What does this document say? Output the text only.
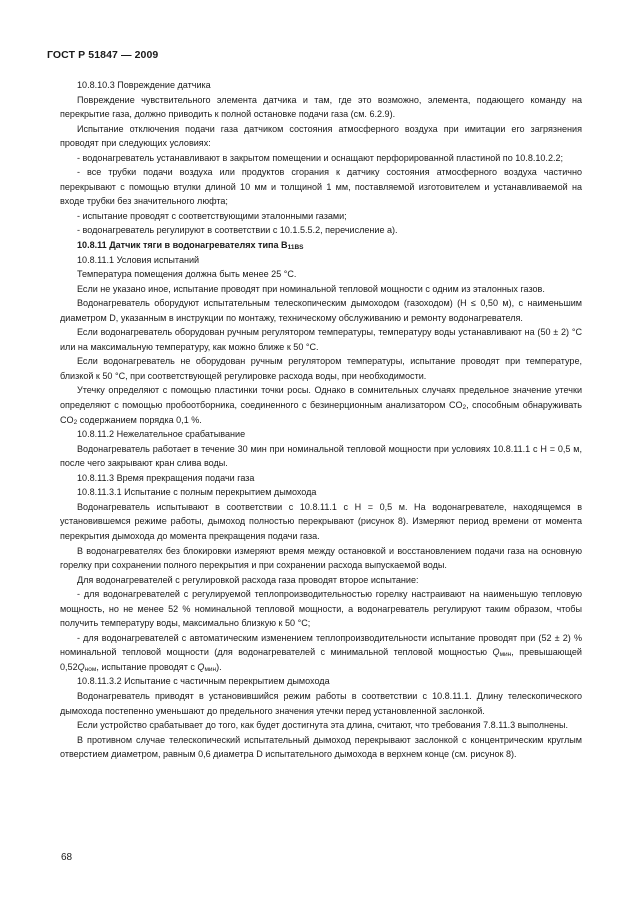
ГОСТ Р 51847 — 2009

10.8.10.3 Повреждение датчика

Повреждение чувствительного элемента датчика и там, где это возможно, элемента, подающего команду на перекрытие газа, должно приводить к полной остановке подачи газа (см. 6.2.9).

Испытание отключения подачи газа датчиком состояния атмосферного воздуха при имитации его загрязнения проводят при следующих условиях:

- водонагреватель устанавливают в закрытом помещении и оснащают перфорированной пластиной по 10.8.10.2.2;

- все трубки подачи воздуха или продуктов сгорания к датчику состояния атмосферного воздуха частично перекрывают с помощью втулки длиной 10 мм и толщиной 1 мм, поставляемой изготовителем и устанавливаемой на входе трубки без значительного люфта;

- испытание проводят с соответствующими эталонными газами;

- водонагреватель регулируют в соответствии с 10.1.5.5.2, перечисление а).

10.8.11 Датчик тяги в водонагревателях типа $B_{11BS}$

10.8.11.1 Условия испытаний

Температура помещения должна быть менее 25 °С.

Если не указано иное, испытание проводят при номинальной тепловой мощности с одним из эталонных газов.

Водонагреватель оборудуют испытательным телескопическим дымоходом (газоходом) (H ≤ 0,50 м), с наименьшим диаметром D, указанным в инструкции по монтажу, техническому обслуживанию и ремонту водонагревателя.

Если водонагреватель оборудован ручным регулятором температуры, температуру воды устанавливают на (50 ± 2) °С или на максимальную температуру, как можно ближе к 50 °С.

Если водонагреватель не оборудован ручным регулятором температуры, испытание проводят при температуре, близкой к 50 °С, при соответствующей регулировке расхода воды, при необходимости.

Утечку определяют с помощью пластинки точки росы. Однако в сомнительных случаях предельное значение утечки определяют с помощью пробоотборника, соединенного с безинерционным анализатором $CO_2$, способным обнаруживать $CO_2$ содержанием порядка 0,1 %.

10.8.11.2 Нежелательное срабатывание

Водонагреватель работает в течение 30 мин при номинальной тепловой мощности при условиях 10.8.11.1 с H = 0,5 м, после чего закрывают кран слива воды.

10.8.11.3 Время прекращения подачи газа

10.8.11.3.1 Испытание с полным перекрытием дымохода

Водонагреватель испытывают в соответствии с 10.8.11.1 с H = 0,5 м. На водонагревателе, находящемся в установившемся режиме работы, дымоход полностью перекрывают (рисунок 8). Измеряют период времени от момента перекрытия дымохода до момента прекращения подачи газа.

В водонагревателях без блокировки измеряют время между остановкой и восстановлением подачи газа на основную горелку при сохранении полного перекрытия и при сохранении расхода выпускаемой воды.

Для водонагревателей с регулировкой расхода газа проводят второе испытание:

- для водонагревателей с регулируемой теплопроизводительностью горелку настраивают на наименьшую тепловую мощность, но не менее 52 % номинальной тепловой мощности, а водонагреватель регулируют таким образом, чтобы получить температуру воды, максимально близкую к 50 °С;

- для водонагревателей с автоматическим изменением теплопроизводительности испытание проводят при (52 ± 2) % номинальной тепловой мощности (для водонагревателей с минимальной тепловой мощностью $Q_{мин}$, превышающей $0,52Q_{ном}$, испытание проводят с $Q_{мин}$).

10.8.11.3.2 Испытание с частичным перекрытием дымохода

Водонагреватель приводят в установившийся режим работы в соответствии с 10.8.11.1. Длину телескопического дымохода постепенно уменьшают до предельного значения утечки перед установленной заслонкой.

Если устройство срабатывает до того, как будет достигнута эта длина, считают, что требования 7.8.11.3 выполнены.

В противном случае телескопический испытательный дымоход перекрывают заслонкой с концентрическим круглым отверстием диаметром, равным 0,6 диаметра D испытательного дымохода в верхнем конце (см. рисунок 8).

68
